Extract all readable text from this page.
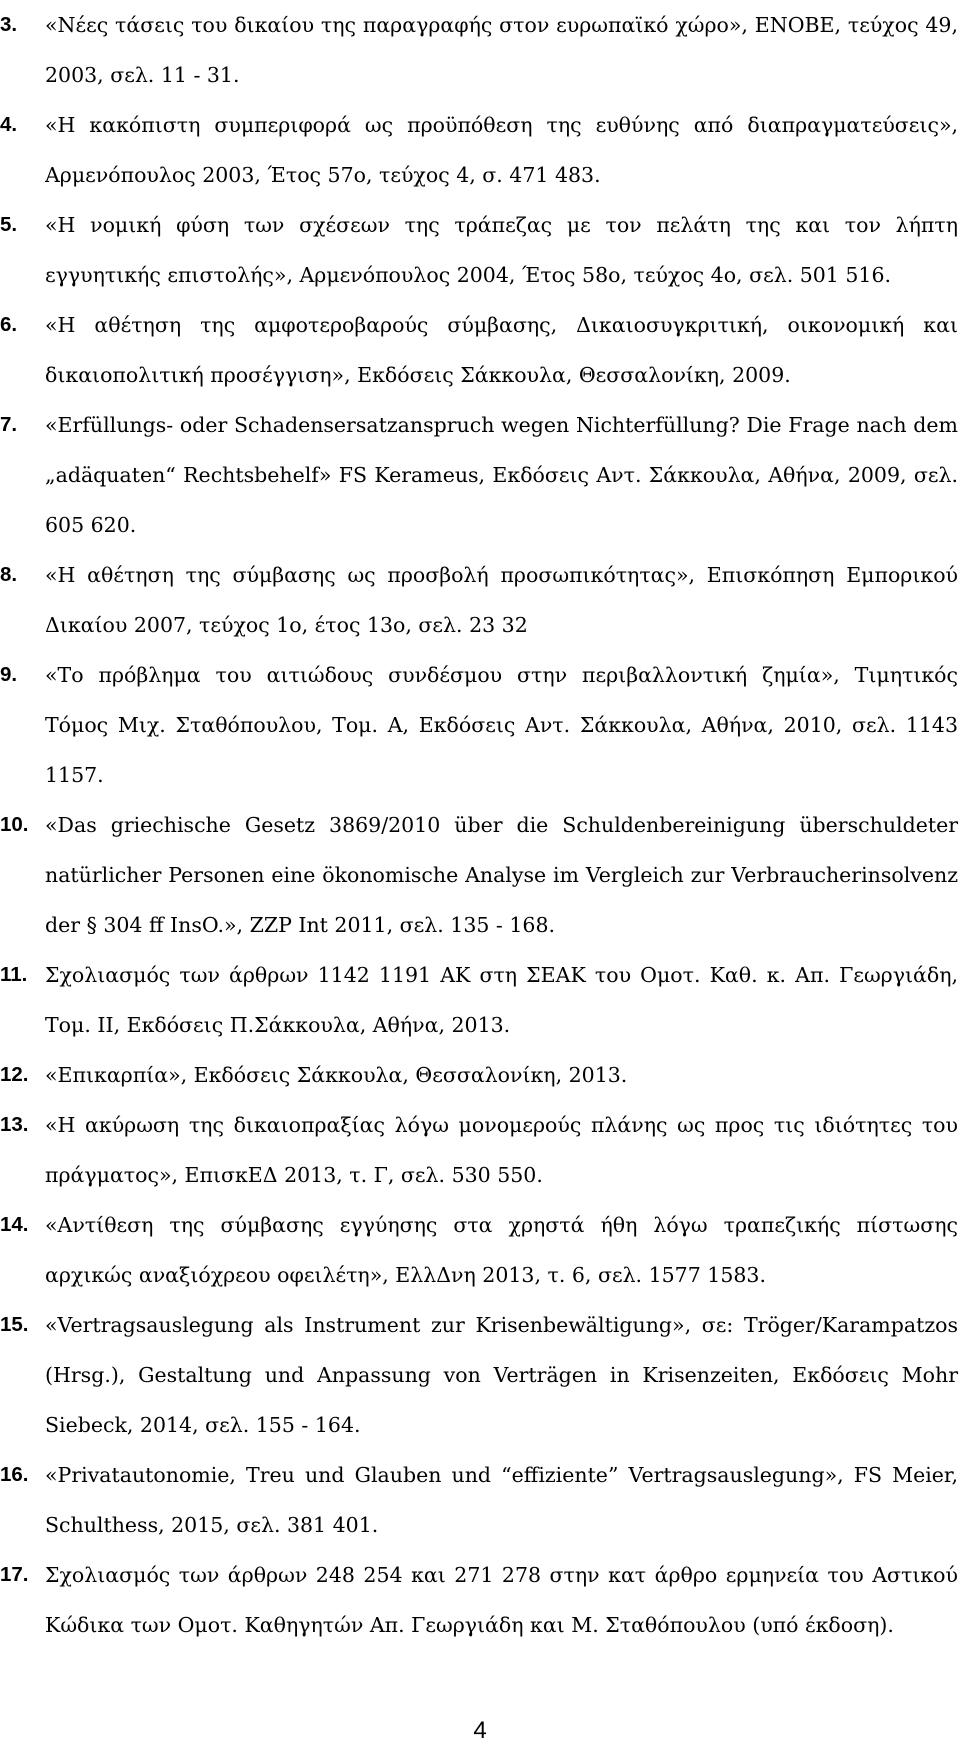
3. «Νέες τάσεις του δικαίου της παραγραφής στον ευρωπαϊκό χώρο», ΕΝΟΒΕ, τεύχος 49, 2003, σελ. 11 - 31.
4. «Η κακόπιστη συμπεριφορά ως προϋπόθεση της ευθύνης από διαπραγματεύσεις», Αρμενόπουλος 2003, Έτος 57ο, τεύχος 4, σ. 471 483.
5. «Η νομική φύση των σχέσεων της τράπεζας με τον πελάτη της και τον λήπτη εγγυητικής επιστολής», Αρμενόπουλος 2004, Έτος 58ο, τεύχος 4ο, σελ. 501 516.
6. «Η αθέτηση της αμφοτεροβαρούς σύμβασης, Δικαιοσυγκριτική, οικονομική και δικαιοπολιτική προσέγγιση», Εκδόσεις Σάκκουλα, Θεσσαλονίκη, 2009.
7. «Erfüllungs- oder Schadensersatzanspruch wegen Nichterfüllung? Die Frage nach dem „adäquaten“ Rechtsbehelf» FS Kerameus, Εκδόσεις Αντ. Σάκκουλα, Αθήνα, 2009, σελ. 605 620.
8. «Η αθέτηση της σύμβασης ως προσβολή προσωπικότητας», Επισκόπηση Εμπορικού Δικαίου 2007, τεύχος 1ο, έτος 13ο, σελ. 23 32
9. «Το πρόβλημα του αιτιώδους συνδέσμου στην περιβαλλοντική ζημία», Τιμητικός Τόμος Μιχ. Σταθόπουλου, Τομ. Α, Εκδόσεις Αντ. Σάκκουλα, Αθήνα, 2010, σελ. 1143 1157.
10. «Das griechische Gesetz 3869/2010 über die Schuldenbereinigung überschuldeter natürlicher Personen eine ökonomische Analyse im Vergleich zur Verbraucherinsolvenz der § 304 ff InsO.», ZZP Int 2011, σελ. 135 - 168.
11. Σχολιασμός των άρθρων 1142 1191 ΑΚ στη ΣΕΑΚ του Ομοτ. Καθ. κ. Απ. Γεωργιάδη, Τομ. ΙΙ, Εκδόσεις Π.Σάκκουλα, Αθήνα, 2013.
12. «Επικαρπία», Εκδόσεις Σάκκουλα, Θεσσαλονίκη, 2013.
13. «Η ακύρωση της δικαιοπραξίας λόγω μονομερούς πλάνης ως προς τις ιδιότητες του πράγματος», ΕπισκΕΔ 2013, τ. Γ, σελ. 530 550.
14. «Αντίθεση της σύμβασης εγγύησης στα χρηστά ήθη λόγω τραπεζικής πίστωσης αρχικώς αναξιόχρεου οφειλέτη», ΕλλΔνη 2013, τ. 6, σελ. 1577 1583.
15. «Vertragsauslegung als Instrument zur Krisenbewältigung», σε: Tröger/Karampatzos (Hrsg.), Gestaltung und Anpassung von Verträgen in Krisenzeiten, Εκδόσεις Mohr Siebeck, 2014, σελ. 155 - 164.
16. «Privatautonomie, Treu und Glauben und “effiziente” Vertragsauslegung», FS Meier, Schulthess, 2015, σελ. 381 401.
17. Σχολιασμός των άρθρων 248 254 και 271 278 στην κατ άρθρο ερμηνεία του Αστικού Κώδικα των Ομοτ. Καθηγητών Απ. Γεωργιάδη και Μ. Σταθόπουλου (υπό έκδοση).
4
